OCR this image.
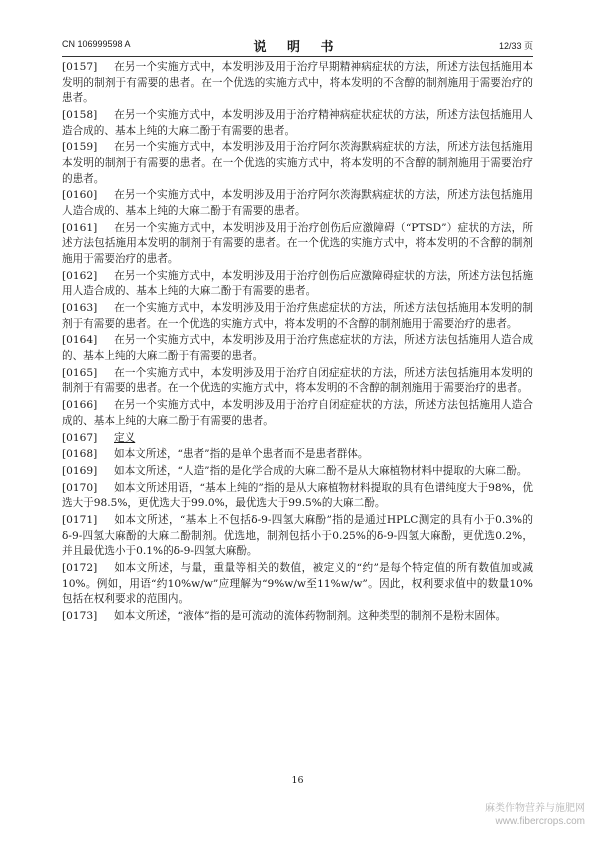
CN 106999598 A	说 明 书	12/33 页

[0157] 在另一个实施方式中，本发明涉及用于治疗早期精神病症状的方法，所述方法包括施用本发明的制剂于有需要的患者。在一个优选的实施方式中，将本发明的不含醇的制剂施用于需要治疗的患者。

[0158] 在另一个实施方式中，本发明涉及用于治疗精神病症状症状的方法，所述方法包括施用人造合成的、基本上纯的大麻二酚于有需要的患者。

[0159] 在另一个实施方式中，本发明涉及用于治疗阿尔茨海默病症状的方法，所述方法包括施用本发明的制剂于有需要的患者。在一个优选的实施方式中，将本发明的不含醇的制剂施用于需要治疗的患者。

[0160] 在另一个实施方式中，本发明涉及用于治疗阿尔茨海默病症状的方法，所述方法包括施用人造合成的、基本上纯的大麻二酚于有需要的患者。

[0161] 在另一个实施方式中，本发明涉及用于治疗创伤后应激障碍（“PTSD”）症状的方法，所述方法包括施用本发明的制剂于有需要的患者。在一个优选的实施方式中，将本发明的不含醇的制剂施用于需要治疗的患者。

[0162] 在另一个实施方式中，本发明涉及用于治疗创伤后应激障碍症状的方法，所述方法包括施用人造合成的、基本上纯的大麻二酚于有需要的患者。

[0163] 在一个实施方式中，本发明涉及用于治疗焦虑症状的方法，所述方法包括施用本发明的制剂于有需要的患者。在一个优选的实施方式中，将本发明的不含醇的制剂施用于需要治疗的患者。

[0164] 在另一个实施方式中，本发明涉及用于治疗焦虑症状的方法，所述方法包括施用人造合成的、基本上纯的大麻二酚于有需要的患者。

[0165] 在一个实施方式中，本发明涉及用于治疗自闭症症状的方法，所述方法包括施用本发明的制剂于有需要的患者。在一个优选的实施方式中，将本发明的不含醇的制剂施用于需要治疗的患者。

[0166] 在另一个实施方式中，本发明涉及用于治疗自闭症症状的方法，所述方法包括施用人造合成的、基本上纯的大麻二酚于有需要的患者。

[0167] 定义

[0168] 如本文所述，“患者”指的是单个患者而不是患者群体。

[0169] 如本文所述，“人造”指的是化学合成的大麻二酚不是从大麻植物材料中提取的大麻二酚。

[0170] 如本文所述用语，“基本上纯的”指的是从大麻植物材料提取的具有色谱纯度大于98%，优选大于98.5%，更优选大于99.0%，最优选大于99.5%的大麻二酚。

[0171] 如本文所述，“基本上不包括δ-9-四氢大麻酚”指的是通过HPLC测定的具有小于0.3%的δ-9-四氢大麻酚的大麻二酚制剂。优选地，制剂包括小于0.25%的δ-9-四氢大麻酚，更优选0.2%，并且最优选小于0.1%的δ-9-四氢大麻酚。

[0172] 如本文所述，与量，重量等相关的数值，被定义的“约”是每个特定值的所有数值加或减10%。例如，用语“约10%w/w”应理解为“9%w/w至11%w/w”。因此，权利要求值中的数量10%包括在权利要求的范围内。

[0173] 如本文所述，“液体”指的是可流动的流体药物制剂。这种类型的制剂不是粉末固体。

16
麻类作物营养与施肥网
www.fibercrops.com
